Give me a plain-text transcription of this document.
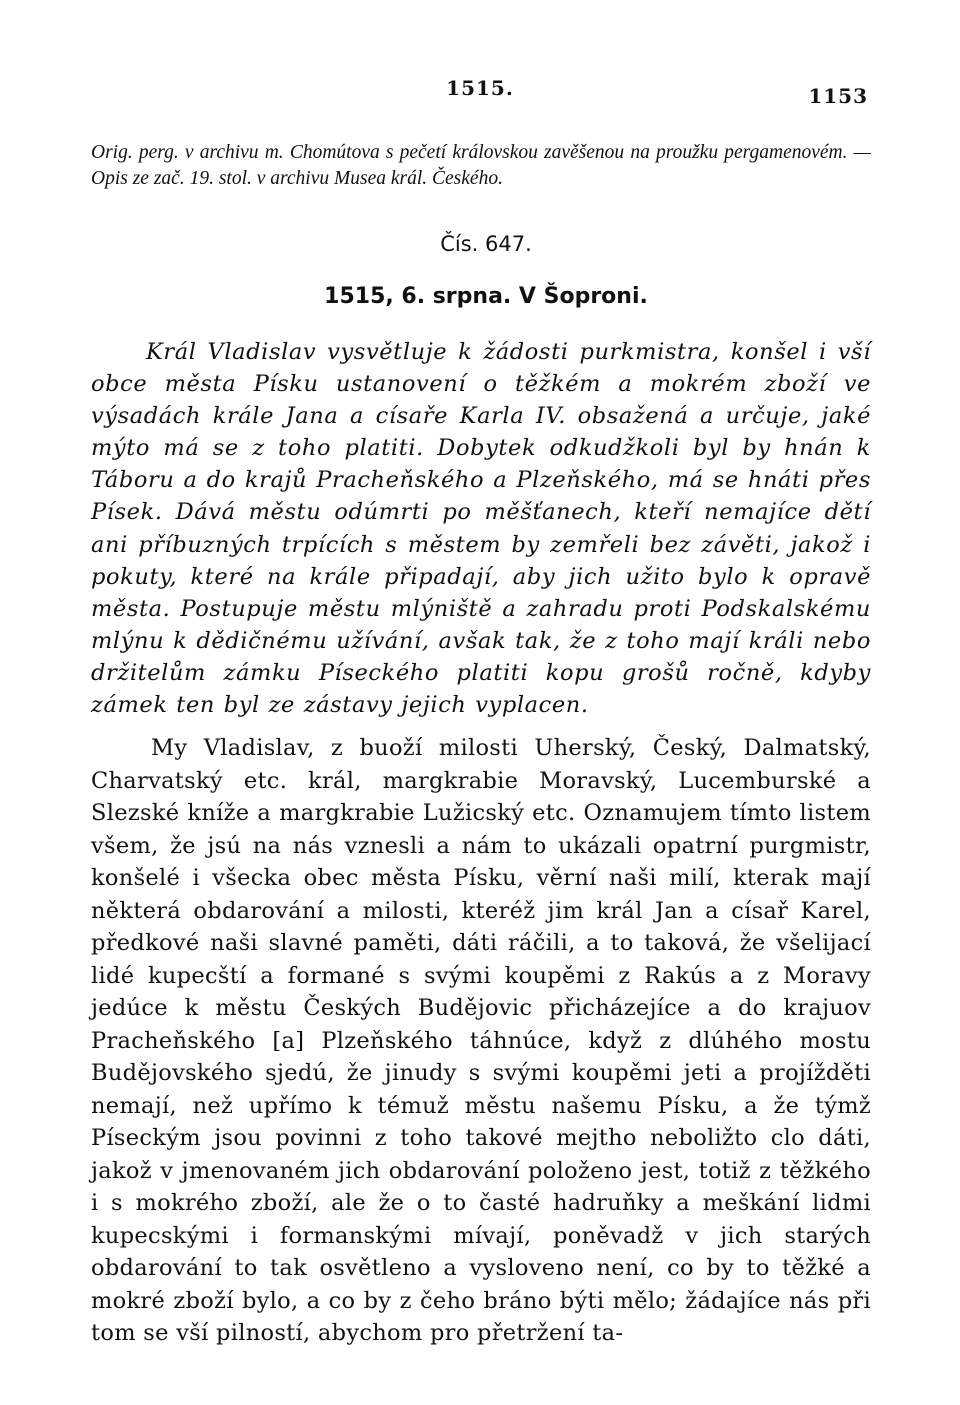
1515.	1153

Orig. perg. v archivu m. Chomútova s pečetí královskou zavěšenou na proužku pergamenovém. — Opis ze zač. 19. stol. v archivu Musea král. Českého.

Čís. 647.

1515, 6. srpna. V Šoproni.

Král Vladislav vysvětluje k žádosti purkmistra, konšel i vší obce města Písku ustanovení o těžkém a mokrém zboží ve výsadách krále Jana a císaře Karla IV. obsažená a určuje, jaké mýto má se z toho platiti. Dobytek odkudžkoli byl by hnán k Táboru a do krajů Pracheňského a Plzeňského, má se hnáti přes Písek. Dává městu odúmrti po měšťanech, kteří nemajíce dětí ani příbuzných trpících s městem by zemřeli bez závěti, jakož i pokuty, které na krále připadají, aby jich užito bylo k opravě města. Postupuje městu mlýniště a zahradu proti Podskalskému mlýnu k dědičnému užívání, avšak tak, že z toho mají králi nebo držitelům zámku Píseckého platiti kopu grošů ročně, kdyby zámek ten byl ze zástavy jejich vyplacen.

My Vladislav, z buoží milosti Uherský, Český, Dalmatský, Charvatský etc. král, margkrabie Moravský, Lucemburské a Slezské kníže a margkrabie Lužicský etc. Oznamujem tímto listem všem, že jsú na nás vznesli a nám to ukázali opatrní purgmistr, konšelé i všecka obec města Písku, věrní naši milí, kterak mají některá obdarování a milosti, kteréž jim král Jan a císař Karel, předkové naši slavné paměti, dáti ráčili, a to taková, že všelijací lidé kupecští a formané s svými koupěmi z Rakús a z Moravy jedúce k městu Českých Budějovic přicházejíce a do krajuov Pracheňského [a] Plzeňského táhnúce, když z dlúhého mostu Budějovského sjedú, že jinudy s svými koupěmi jeti a projížděti nemají, než upřímo k témuž městu našemu Písku, a že týmž Píseckým jsou povinni z toho takové mejtho neboližto clo dáti, jakož v jmenovaném jich obdarování položeno jest, totiž z těžkého i s mokrého zboží, ale že o to časté hadruňky a meškání lidmi kupecskými i formanskými mívají, poněvadž v jich starých obdarování to tak osvětleno a vysloveno není, co by to těžké a mokré zboží bylo, a co by z čeho bráno býti mělo; žádajíce nás při tom se vší pilností, abychom pro přetržení ta-
